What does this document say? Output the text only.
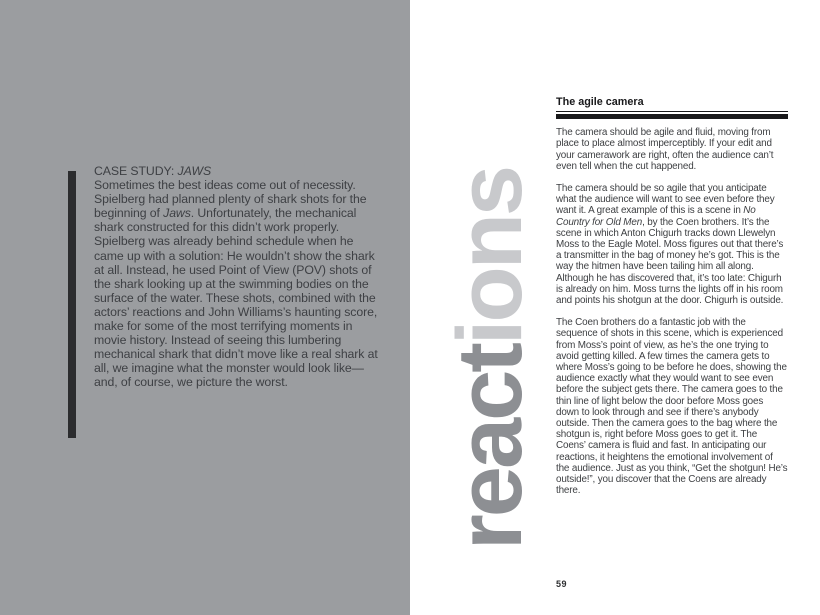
CASE STUDY: JAWS

Sometimes the best ideas come out of necessity. Spielberg had planned plenty of shark shots for the beginning of Jaws. Unfortunately, the mechanical shark constructed for this didn’t work properly. Spielberg was already behind schedule when he came up with a solution: He wouldn’t show the shark at all. Instead, he used Point of View (POV) shots of the shark looking up at the swimming bodies on the surface of the water. These shots, combined with the actors’ reactions and John Williams’s haunting score, make for some of the most terrifying moments in movie history. Instead of seeing this lumbering mechanical shark that didn’t move like a real shark at all, we imagine what the monster would look like—and, of course, we picture the worst.	reactions
The agile camera

The camera should be agile and fluid, moving from place to place almost imperceptibly. If your edit and your camerawork are right, often the audience can’t even tell when the cut happened.

The camera should be so agile that you anticipate what the audience will want to see even before they want it. A great example of this is a scene in No Country for Old Men, by the Coen brothers. It’s the scene in which Anton Chigurh tracks down Llewelyn Moss to the Eagle Motel. Moss figures out that there’s a transmitter in the bag of money he’s got. This is the way the hitmen have been tailing him all along. Although he has discovered that, it’s too late: Chigurh is already on him. Moss turns the lights off in his room and points his shotgun at the door. Chigurh is outside.

The Coen brothers do a fantastic job with the sequence of shots in this scene, which is experienced from Moss’s point of view, as he’s the one trying to avoid getting killed. A few times the camera gets to where Moss’s going to be before he does, showing the audience exactly what they would want to see even before the subject gets there. The camera goes to the thin line of light below the door before Moss goes down to look through and see if there’s anybody outside. Then the camera goes to the bag where the shotgun is, right before Moss goes to get it. The Coens’ camera is fluid and fast. In anticipating our reactions, it heightens the emotional involvement of the audience. Just as you think, “Get the shotgun! He’s outside!”, you discover that the Coens are already there.

59
